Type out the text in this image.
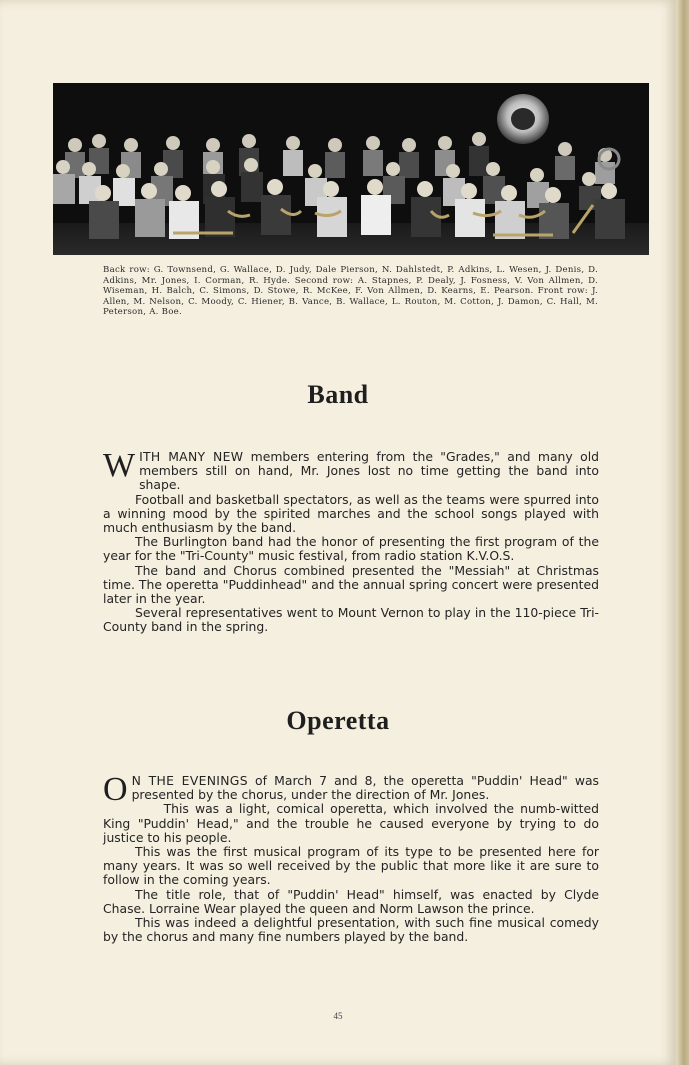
Back row: G. Townsend, G. Wallace, D. Judy, Dale Pierson, N. Dahlstedt, P. Adkins, L. Wesen, J. Denis, D. Adkins, Mr. Jones, I. Corman, R. Hyde. Second row: A. Stapnes, P. Dealy, J. Fosness, V. Von Allmen, D. Wiseman, H. Balch, C. Simons, D. Stowe, R. McKee, F. Von Allmen, D. Kearns, E. Pearson. Front row: J. Allen, M. Nelson, C. Moody, C. Hiener, B. Vance, B. Wallace, L. Routon, M. Cotton, J. Damon, C. Hall, M. Peterson, A. Boe.
Band

WITH MANY NEW members entering from the "Grades," and many old members still on hand, Mr. Jones lost no time getting the band into shape.

Football and basketball spectators, as well as the teams were spurred into a winning mood by the spirited marches and the school songs played with much enthusiasm by the band.

The Burlington band had the honor of presenting the first program of the year for the "Tri-County" music festival, from radio station K.V.O.S.

The band and Chorus combined presented the "Messiah" at Christmas time. The operetta "Puddinhead" and the annual spring concert were presented later in the year.

Several representatives went to Mount Vernon to play in the 110-piece Tri-County band in the spring.

Operetta

O N THE EVENINGS of March 7 and 8, the operetta "Puddin' Head" was presented by the chorus, under the direction of Mr. Jones.

This was a light, comical operetta, which involved the numb-witted King "Puddin' Head," and the trouble he caused everyone by trying to do justice to his people.

This was the first musical program of its type to be presented here for many years. It was so well received by the public that more like it are sure to follow in the coming years.

The title role, that of "Puddin' Head" himself, was enacted by Clyde Chase. Lorraine Wear played the queen and Norm Lawson the prince.

This was indeed a delightful presentation, with such fine musical comedy by the chorus and many fine numbers played by the band.

45
